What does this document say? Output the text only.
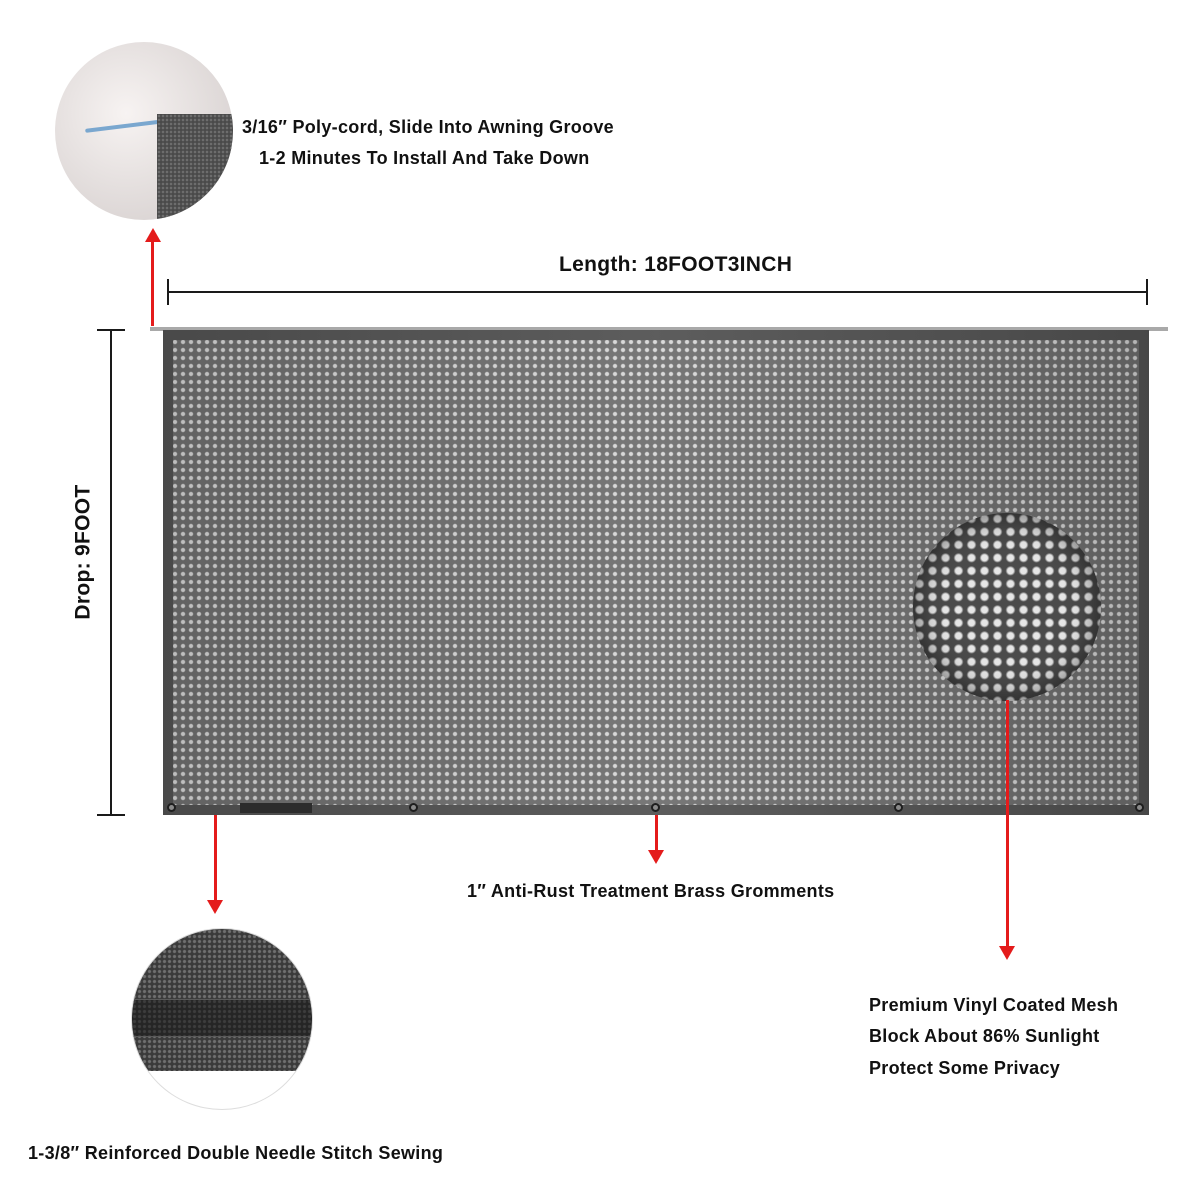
3/16″ Poly-cord, Slide Into Awning Groove
1-2 Minutes To Install And Take Down
Length: 18FOOT3INCH
Drop: 9FOOT
Premium Vinyl Coated Mesh
Block About 86% Sunlight
Protect Some Privacy
1″ Anti-Rust Treatment Brass Gromments
1-3/8″ Reinforced Double Needle Stitch Sewing
